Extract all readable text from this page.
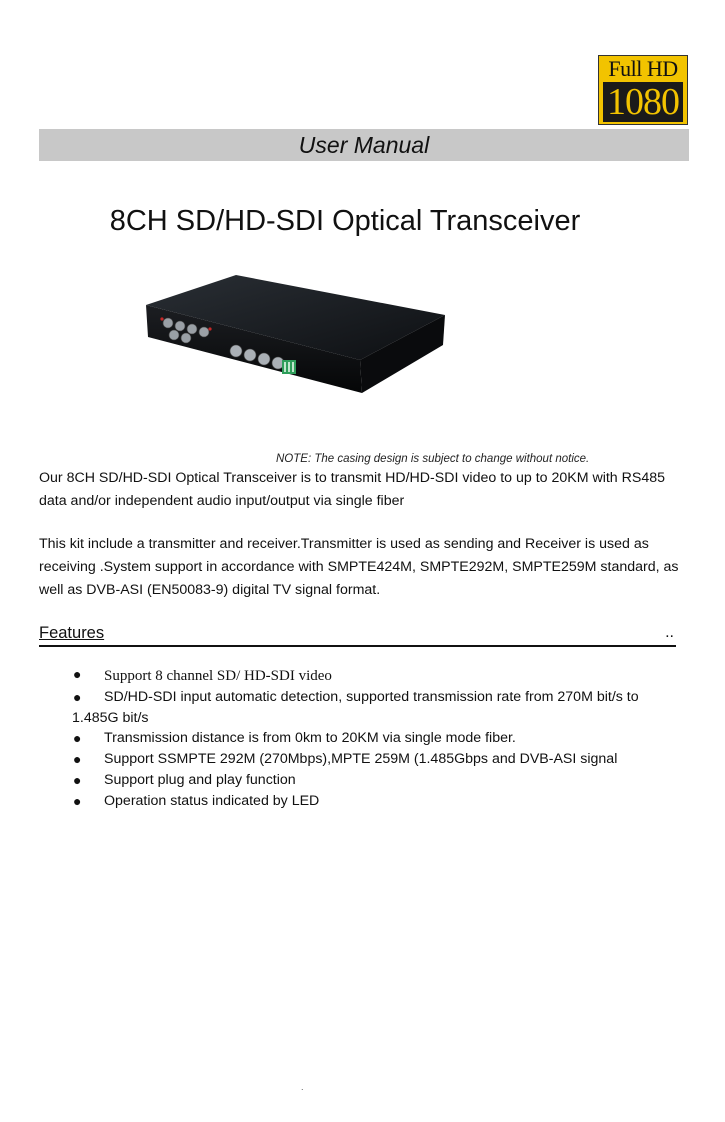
Full HD
1080
User Manual
8CH SD/HD-SDI Optical Transceiver
NOTE: The casing design is subject to change without notice.

Our 8CH SD/HD-SDI Optical Transceiver is to transmit HD/HD-SDI video to up to 20KM with RS485 data and/or independent audio input/output via single fiber

This kit include a transmitter and receiver.Transmitter is used as sending and Receiver is used as receiving .System support in accordance with SMPTE424M, SMPTE292M, SMPTE259M standard, as well as DVB-ASI (EN50083-9) digital TV signal format.

Features	..
● Support 8 channel SD/ HD-SDI video
● SD/HD-SDI input automatic detection, supported transmission rate from 270M bit/s to
1.485G bit/s
● Transmission distance is from 0km to 20KM via single mode fiber.
● Support SSMPTE 292M (270Mbps),MPTE 259M (1.485Gbps and DVB-ASI signal
● Support plug and play function
● Operation status indicated by LED
.
